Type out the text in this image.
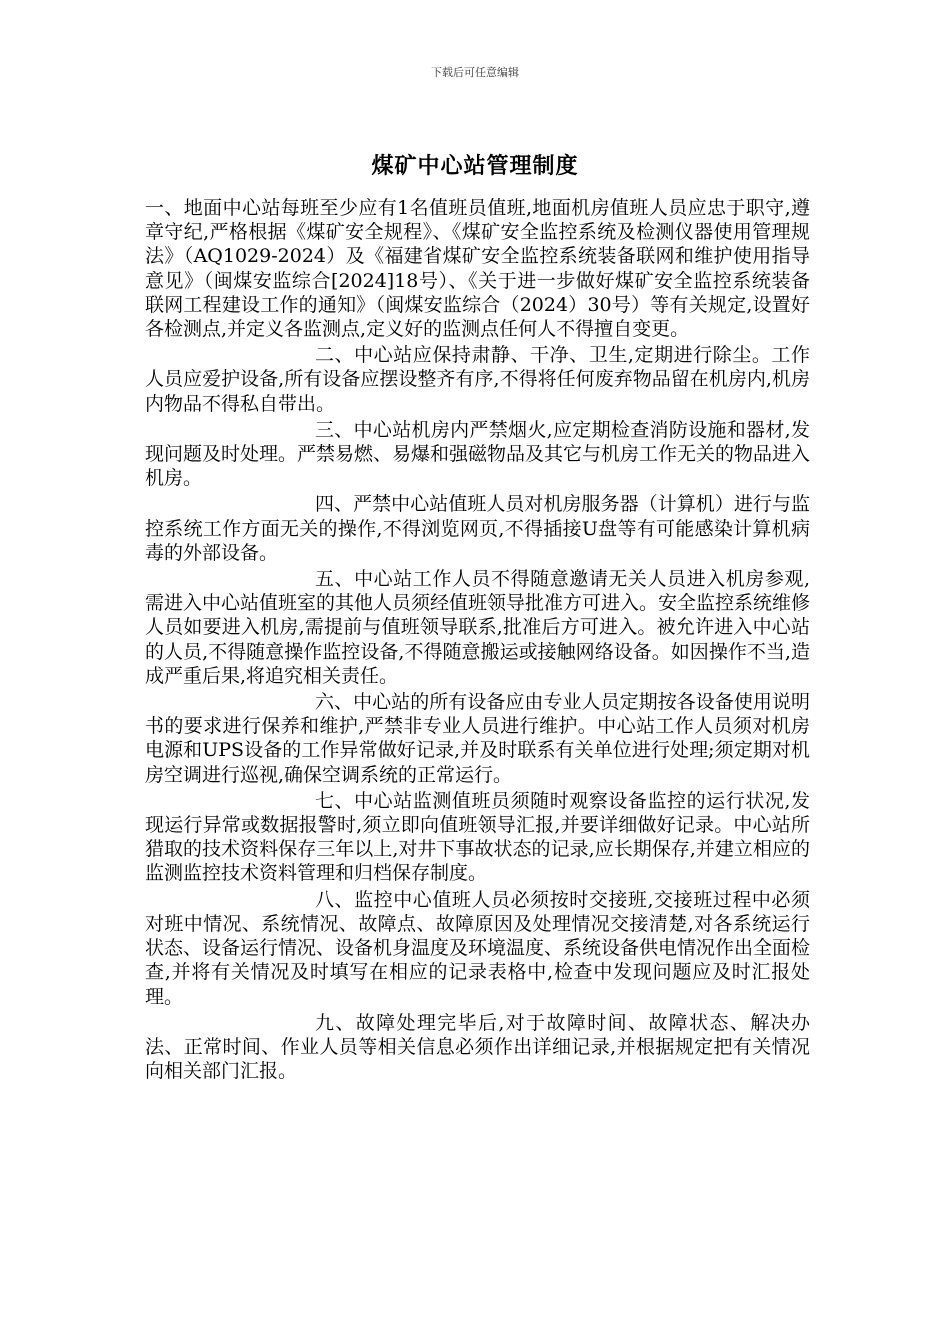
下载后可任意编辑
煤矿中心站管理制度

一、地面中心站每班至少应有1名值班员值班,地面机房值班人员应忠于职守,遵章守纪,严格根据《煤矿安全规程》、《煤矿安全监控系统及检测仪器使用管理规法》（AQ1029-2024）及《福建省煤矿安全监控系统装备联网和维护使用指导意见》（闽煤安监综合[2024]18号）、《关于进一步做好煤矿安全监控系统装备联网工程建设工作的通知》（闽煤安监综合（2024）30号）等有关规定,设置好各检测点,并定义各监测点,定义好的监测点任何人不得擅自变更。

二、中心站应保持肃静、干净、卫生,定期进行除尘。工作人员应爱护设备,所有设备应摆设整齐有序,不得将任何废弃物品留在机房内,机房内物品不得私自带出。

三、中心站机房内严禁烟火,应定期检查消防设施和器材,发现问题及时处理。严禁易燃、易爆和强磁物品及其它与机房工作无关的物品进入机房。

四、严禁中心站值班人员对机房服务器（计算机）进行与监控系统工作方面无关的操作,不得浏览网页,不得插接U盘等有可能感染计算机病毒的外部设备。

五、中心站工作人员不得随意邀请无关人员进入机房参观,需进入中心站值班室的其他人员须经值班领导批准方可进入。安全监控系统维修人员如要进入机房,需提前与值班领导联系,批准后方可进入。被允许进入中心站的人员,不得随意操作监控设备,不得随意搬运或接触网络设备。如因操作不当,造成严重后果,将追究相关责任。

六、中心站的所有设备应由专业人员定期按各设备使用说明书的要求进行保养和维护,严禁非专业人员进行维护。中心站工作人员须对机房电源和UPS设备的工作异常做好记录,并及时联系有关单位进行处理;须定期对机房空调进行巡视,确保空调系统的正常运行。

七、中心站监测值班员须随时观察设备监控的运行状况,发现运行异常或数据报警时,须立即向值班领导汇报,并要详细做好记录。中心站所猎取的技术资料保存三年以上,对井下事故状态的记录,应长期保存,并建立相应的监测监控技术资料管理和归档保存制度。

八、监控中心值班人员必须按时交接班,交接班过程中必须对班中情况、系统情况、故障点、故障原因及处理情况交接清楚,对各系统运行状态、设备运行情况、设备机身温度及环境温度、系统设备供电情况作出全面检查,并将有关情况及时填写在相应的记录表格中,检查中发现问题应及时汇报处理。

九、故障处理完毕后,对于故障时间、故障状态、解决办法、正常时间、作业人员等相关信息必须作出详细记录,并根据规定把有关情况向相关部门汇报。
